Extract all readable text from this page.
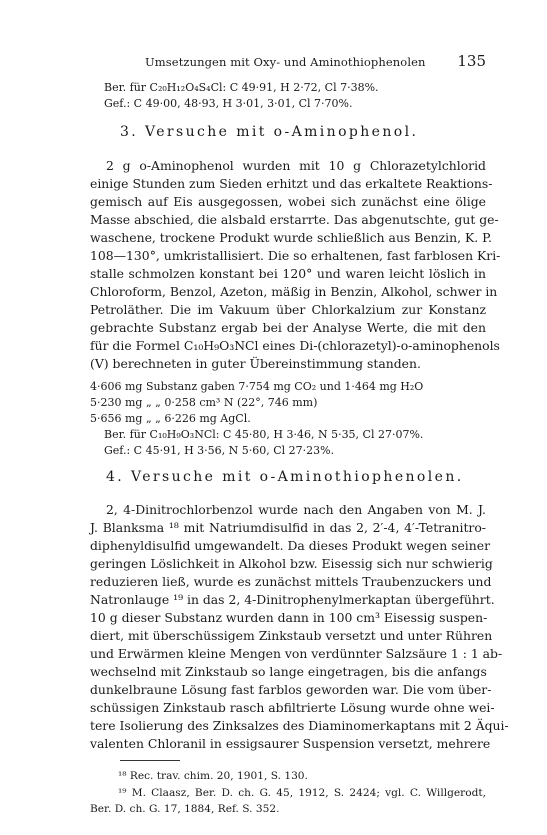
Umsetzungen mit Oxy- und Aminothiophenolen 135
Ber. für C₂₀H₁₂O₄S₄Cl: C 49·91, H 2·72, Cl 7·38%.
Gef.: C 49·00, 48·93, H 3·01, 3·01, Cl 7·70%.
3. Versuche mit o-Aminophenol.
2 g o-Aminophenol wurden mit 10 g Chlorazetylchlorid
einige Stunden zum Sieden erhitzt und das erkaltete Reaktions-
gemisch auf Eis ausgegossen, wobei sich zunächst eine ölige
Masse abschied, die alsbald erstarrte. Das abgenutschte, gut ge-
waschene, trockene Produkt wurde schließlich aus Benzin, K. P.
108—130°, umkristallisiert. Die so erhaltenen, fast farblosen Kri-
stalle schmolzen konstant bei 120° und waren leicht löslich in
Chloroform, Benzol, Azeton, mäßig in Benzin, Alkohol, schwer in
Petroläther. Die im Vakuum über Chlorkalzium zur Konstanz
gebrachte Substanz ergab bei der Analyse Werte, die mit den
für die Formel C₁₀H₉O₃NCl eines Di-(chlorazetyl)-o-aminophenols
(V) berechneten in guter Übereinstimmung standen.
4·606 mg Substanz gaben 7·754 mg CO₂ und 1·464 mg H₂O
5·230 mg „ „ 0·258 cm³ N (22°, 746 mm)
5·656 mg „ „ 6·226 mg AgCl.
Ber. für C₁₀H₉O₃NCl: C 45·80, H 3·46, N 5·35, Cl 27·07%.
Gef.: C 45·91, H 3·56, N 5·60, Cl 27·23%.
4. Versuche mit o-Aminothiophenolen.
2, 4-Dinitrochlorbenzol wurde nach den Angaben von M. J.
J. Blanksma ¹⁸ mit Natriumdisulfid in das 2, 2′-4, 4′-Tetranitro-
diphenyldisulfid umgewandelt. Da dieses Produkt wegen seiner
geringen Löslichkeit in Alkohol bzw. Eisessig sich nur schwierig
reduzieren ließ, wurde es zunächst mittels Traubenzuckers und
Natronlauge ¹⁹ in das 2, 4-Dinitrophenylmerkaptan übergeführt.
10 g dieser Substanz wurden dann in 100 cm³ Eisessig suspen-
diert, mit überschüssigem Zinkstaub versetzt und unter Rühren
und Erwärmen kleine Mengen von verdünnter Salzsäure 1 : 1 ab-
wechselnd mit Zinkstaub so lange eingetragen, bis die anfangs
dunkelbraune Lösung fast farblos geworden war. Die vom über-
schüssigen Zinkstaub rasch abfiltrierte Lösung wurde ohne wei-
tere Isolierung des Zinksalzes des Diaminomerkaptans mit 2 Äqui-
valenten Chloranil in essigsaurer Suspension versetzt, mehrere
¹⁸ Rec. trav. chim. 20, 1901, S. 130.
¹⁹ M. Claasz, Ber. D. ch. G. 45, 1912, S. 2424; vgl. C. Willgerodt,
Ber. D. ch. G. 17, 1884, Ref. S. 352.
